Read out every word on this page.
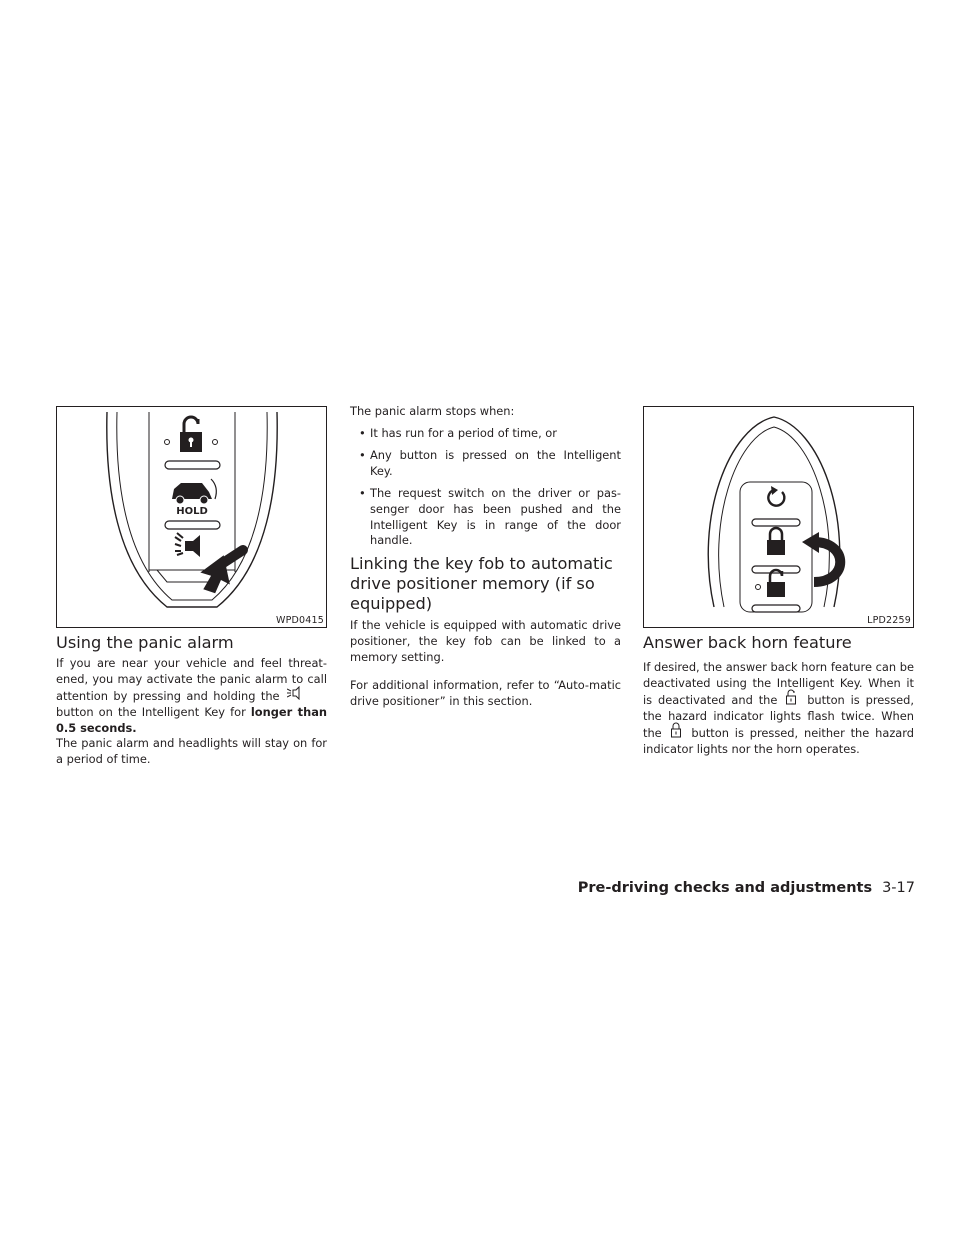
HOLD
WPD0415
Using the panic alarm

If you are near your vehicle and feel threat-ened, you may activate the panic alarm to call attention by pressing and holding the
button on the Intelligent Key for longer than 0.5 seconds.

The panic alarm and headlights will stay on for a period of time.

The panic alarm stops when:

• It has run for a period of time, or
• Any button is pressed on the Intelligent Key.
• The request switch on the driver or pas-senger door has been pushed and the Intelligent Key is in range of the door handle.
Linking the key fob to automatic drive positioner memory (if so equipped)

If the vehicle is equipped with automatic drive positioner, the key fob can be linked to a memory setting.

For additional information, refer to “Auto-matic drive positioner” in this section.

LPD2259
Answer back horn feature

If desired, the answer back horn feature can be deactivated using the Intelligent Key. When it is deactivated and the	button is pressed, the hazard indicator lights flash twice. When the	button is pressed, neither the hazard indicator lights nor the horn operates.

Pre-driving checks and adjustments 3-17
